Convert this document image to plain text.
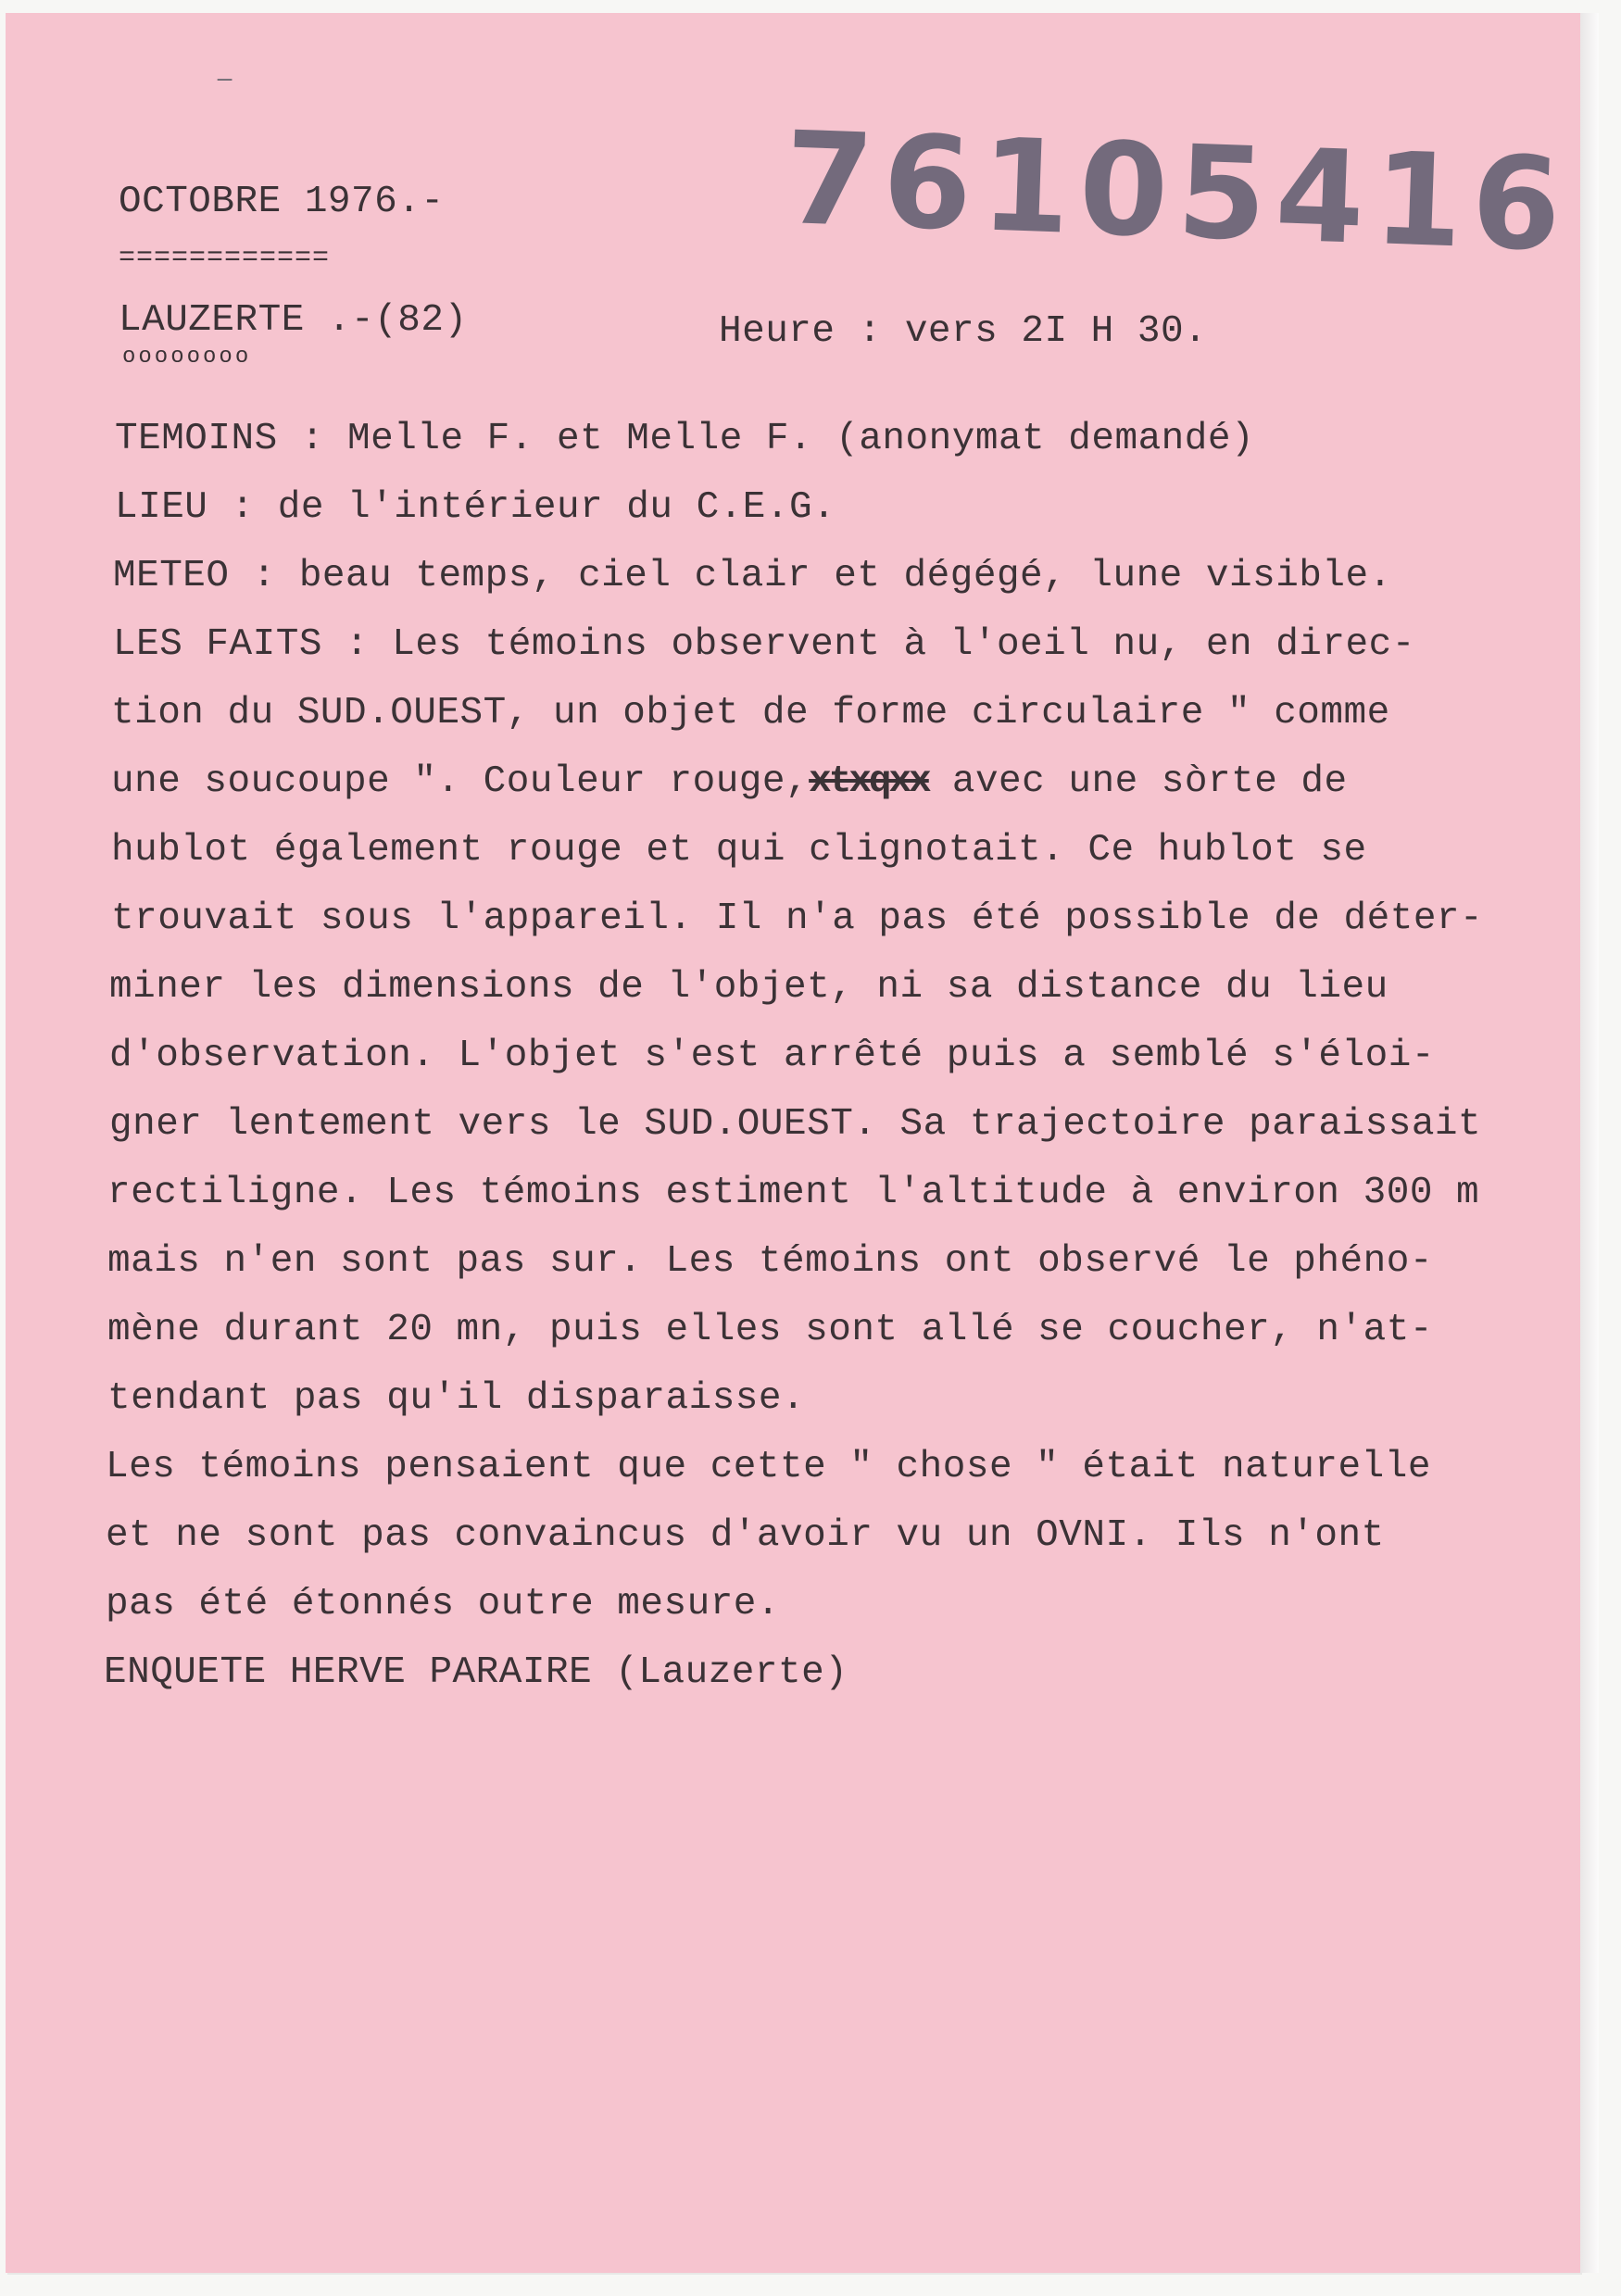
⁻
76105416
OCTOBRE 1976.-
============
LAUZERTE .-(82)
oooooooo
Heure : vers 2I H 30.
TEMOINS : Melle F. et Melle F. (anonymat demandé)
LIEU : de l'intérieur du C.E.G.
METEO : beau temps, ciel clair et dégégé, lune visible.
LES FAITS : Les témoins observent à l'oeil nu, en direc-
tion du SUD.OUEST, un objet de forme circulaire " comme
une soucoupe ". Couleur rouge,xtxqxx avec une sòrte de
hublot également rouge et qui clignotait. Ce hublot se
trouvait sous l'appareil. Il n'a pas été possible de déter-
miner les dimensions de l'objet, ni sa distance du lieu
d'observation. L'objet s'est arrêté puis a semblé s'éloi-
gner lentement vers le SUD.OUEST. Sa trajectoire paraissait
rectiligne. Les témoins estiment l'altitude à environ 300 m
mais n'en sont pas sur. Les témoins ont observé le phéno-
mène durant 20 mn, puis elles sont allé se coucher, n'at-
tendant pas qu'il disparaisse.
Les témoins pensaient que cette " chose " était naturelle
et ne sont pas convaincus d'avoir vu un OVNI. Ils n'ont
pas été étonnés outre mesure.
ENQUETE HERVE PARAIRE (Lauzerte)
